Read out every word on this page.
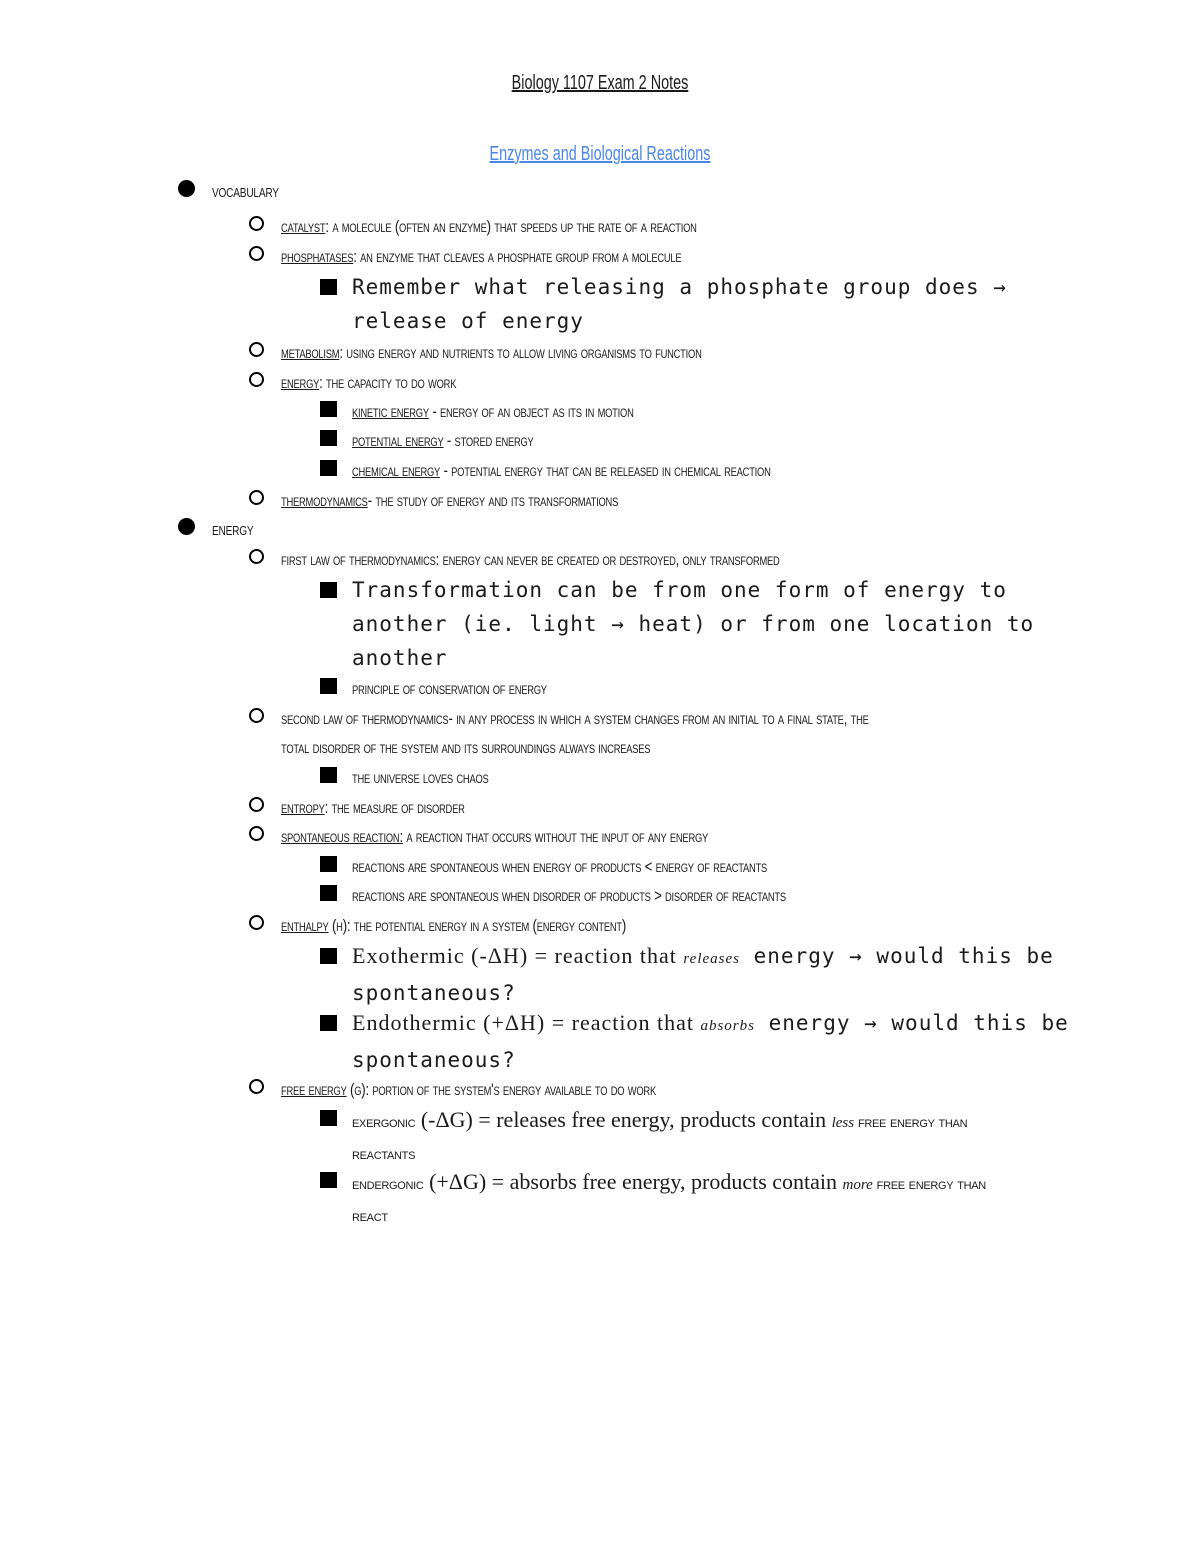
Biology 1107 Exam 2 Notes
Enzymes and Biological Reactions
vocabulary
catalyst: a molecule (often an enzyme) that speeds up the rate of a reaction
phosphatases: an enzyme that cleaves a phosphate group from a molecule
Remember what releasing a phosphate group does →
release of energy
metabolism: using energy and nutrients to allow living organisms to function
energy: the capacity to do work
kinetic energy - energy of an object as its in motion
potential energy - stored energy
chemical energy - potential energy that can be released in chemical reaction
thermodynamics- the study of energy and its transformations
energy
first law of thermodynamics: energy can never be created or destroyed, only transformed
Transformation can be from one form of energy to
another (ie. light → heat) or from one location to
another
principle of conservation of energy
second law of thermodynamics- in any process in which a system changes from an initial to a final state, the
total disorder of the system and its surroundings always increases
the universe loves chaos
entropy: the measure of disorder
spontaneous reaction: a reaction that occurs without the input of any energy
reactions are spontaneous when energy of products < energy of reactants
reactions are spontaneous when disorder of products > disorder of reactants
enthalpy (h): the potential energy in a system (energy content)
Exothermic (-ΔH) = reaction that releases energy → would this be
spontaneous?
Endothermic (+ΔH) = reaction that absorbs energy → would this be
spontaneous?
free energy (g): portion of the system's energy available to do work
exergonic (-ΔG) = releases free energy, products contain less free energy than
reactants
endergonic (+ΔG) = absorbs free energy, products contain more free energy than
react
